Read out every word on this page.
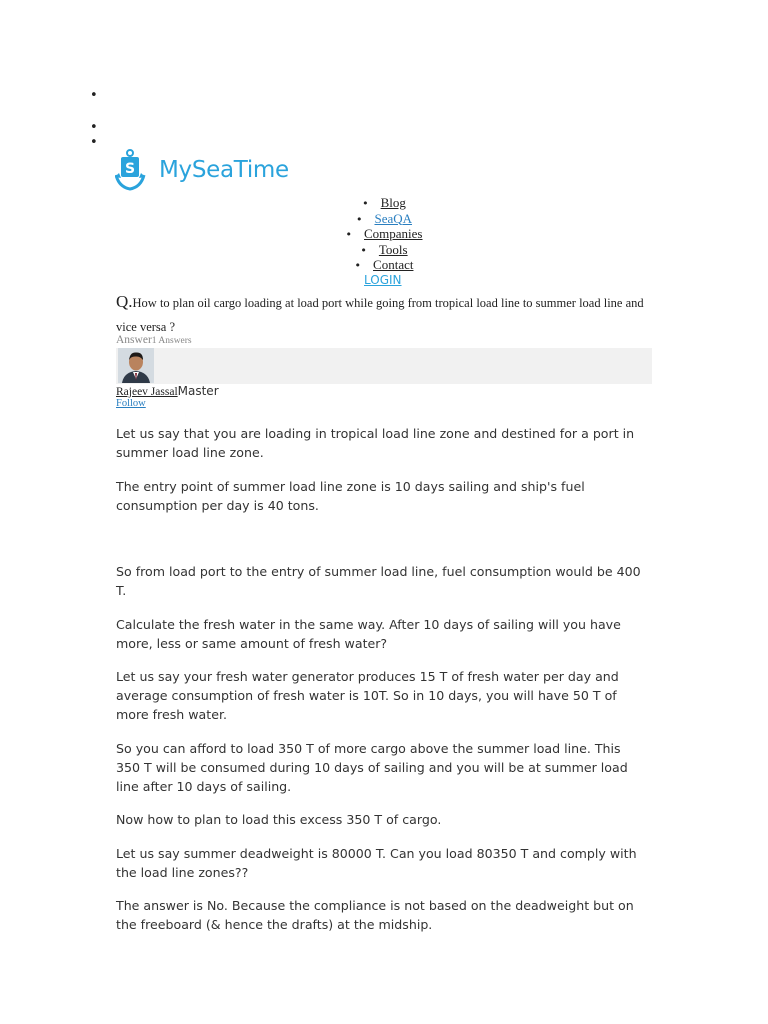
•
•
•
S MySeaTime
• Blog
• SeaQA
• Companies
• Tools
• Contact
LOGIN
Q.How to plan oil cargo loading at load port while going from tropical load line to summer load line and vice versa ?
Answer1 Answers
Rajeev JassalMaster
Follow

Let us say that you are loading in tropical load line zone and destined for a port in summer load line zone.

The entry point of summer load line zone is 10 days sailing and ship's fuel consumption per day is 40 tons.

So from load port to the entry of summer load line, fuel consumption would be 400 T.

Calculate the fresh water in the same way. After 10 days of sailing will you have more, less or same amount of fresh water?

Let us say your fresh water generator produces 15 T of fresh water per day and average consumption of fresh water is 10T. So in 10 days, you will have 50 T of more fresh water.

So you can afford to load 350 T of more cargo above the summer load line. This 350 T will be consumed during 10 days of sailing and you will be at summer load line after 10 days of sailing.

Now how to plan to load this excess 350 T of cargo.

Let us say summer deadweight is 80000 T. Can you load 80350 T and comply with the load line zones??

The answer is No. Because the compliance is not based on the deadweight but on the freeboard (& hence the drafts) at the midship.
